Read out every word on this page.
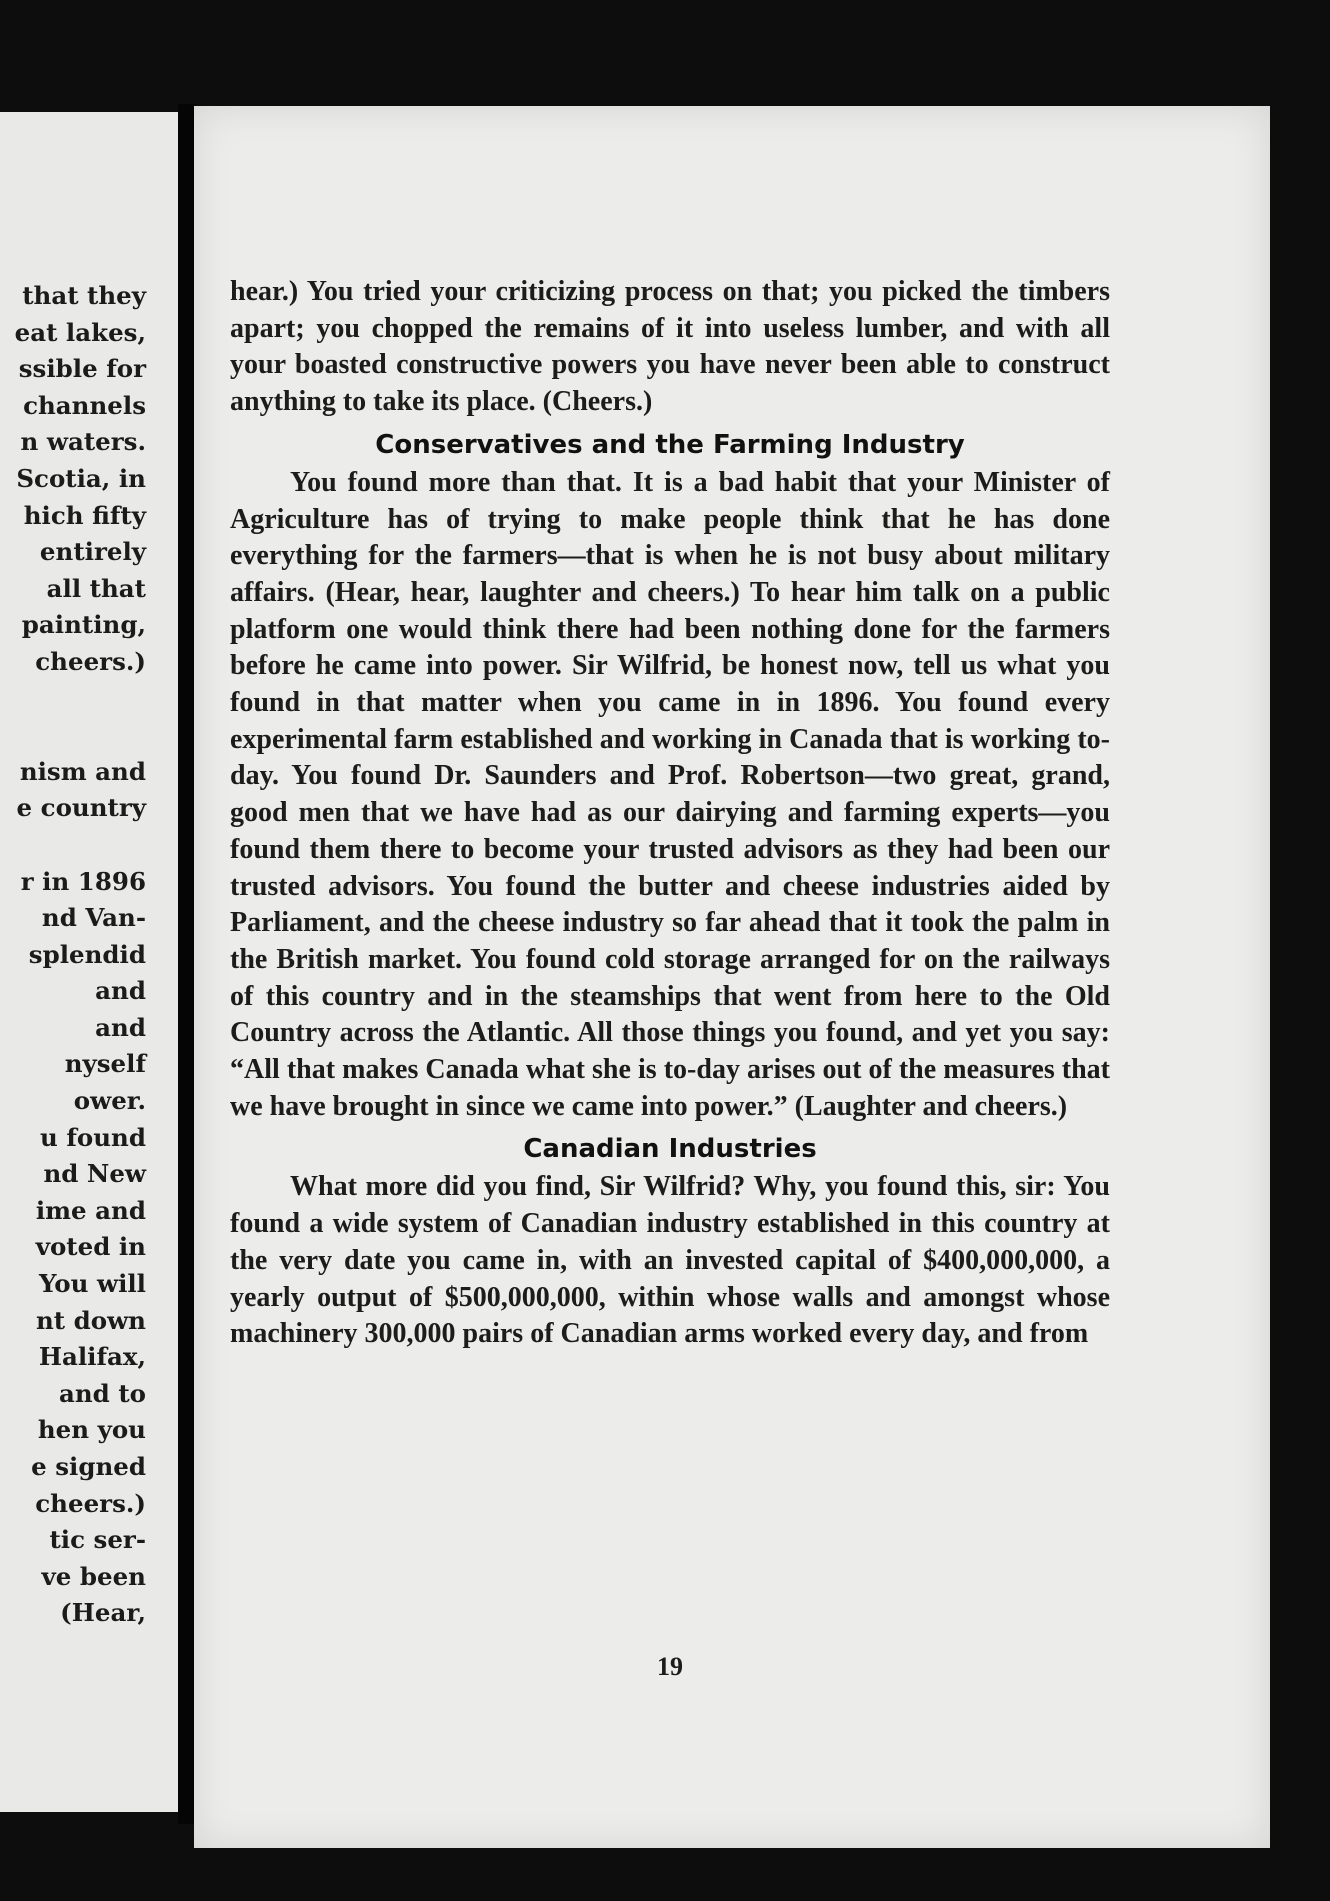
that they
eat lakes,
ssible for
channels
n waters.
Scotia, in
hich fifty
entirely
all that
painting,
cheers.)
nism and
e country
r in 1896
nd Van-
splendid
and
and
nyself
ower.
u found
nd New
ime and
voted in
You will
nt down
Halifax,
and to
hen you
e signed
cheers.)
tic ser-
ve been
(Hear,

hear.) You tried your criticizing process on that; you picked the timbers apart; you chopped the remains of it into useless lumber, and with all your boasted constructive powers you have never been able to construct anything to take its place. (Cheers.)

Conservatives and the Farming Industry

You found more than that. It is a bad habit that your Minister of Agriculture has of trying to make people think that he has done everything for the farmers—that is when he is not busy about military affairs. (Hear, hear, laughter and cheers.) To hear him talk on a public platform one would think there had been nothing done for the farmers before he came into power. Sir Wilfrid, be honest now, tell us what you found in that matter when you came in in 1896. You found every experimental farm established and working in Canada that is working to-day. You found Dr. Saunders and Prof. Robertson—two great, grand, good men that we have had as our dairying and farming experts—you found them there to become your trusted advisors as they had been our trusted advisors. You found the butter and cheese industries aided by Parliament, and the cheese industry so far ahead that it took the palm in the British market. You found cold storage arranged for on the railways of this country and in the steamships that went from here to the Old Country across the Atlantic. All those things you found, and yet you say: “All that makes Canada what she is to-day arises out of the measures that we have brought in since we came into power.” (Laughter and cheers.)

Canadian Industries

What more did you find, Sir Wilfrid? Why, you found this, sir: You found a wide system of Canadian industry established in this country at the very date you came in, with an invested capital of $400,000,000, a yearly output of $500,000,000, within whose walls and amongst whose machinery 300,000 pairs of Canadian arms worked every day, and from

19
